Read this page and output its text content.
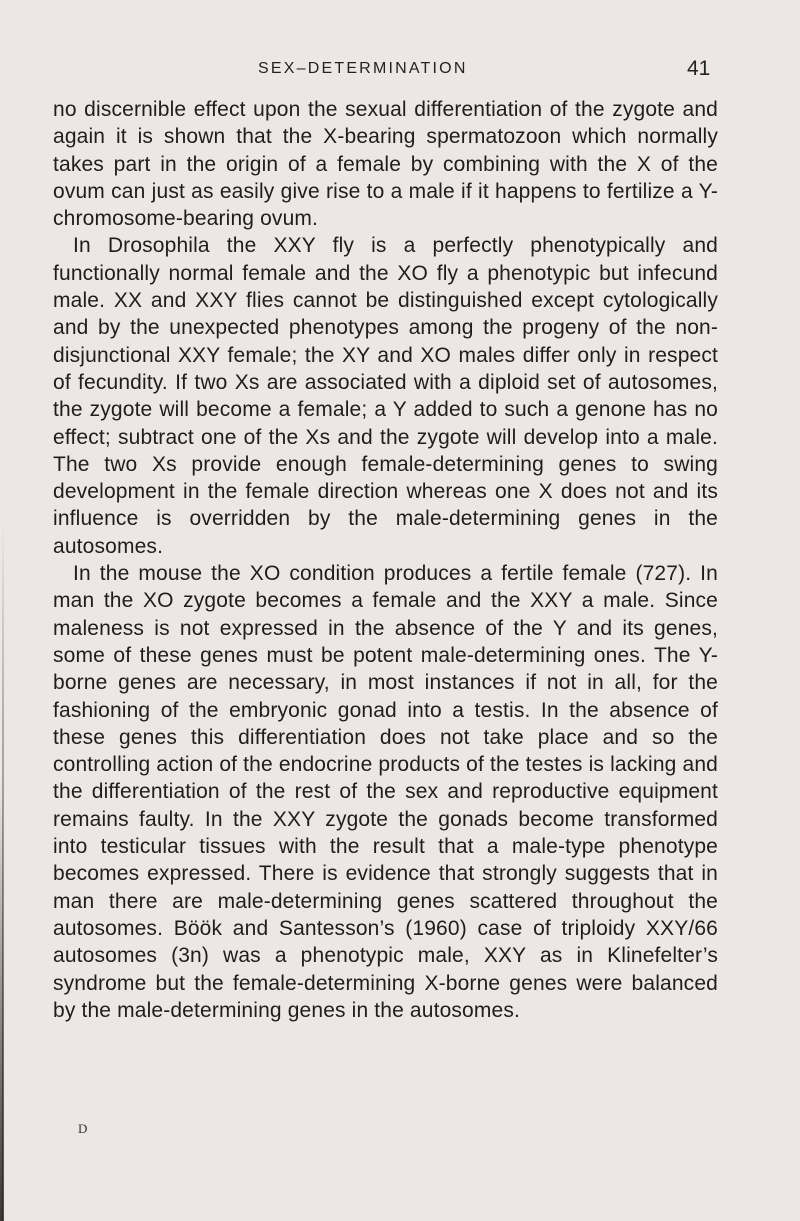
SEX–DETERMINATION	41

no discernible effect upon the sexual differentiation of the zygote and again it is shown that the X-bearing spermatozoon which normally takes part in the origin of a female by combining with the X of the ovum can just as easily give rise to a male if it happens to fertilize a Y-chromosome-bearing ovum.

In Drosophila the XXY fly is a perfectly phenotypically and functionally normal female and the XO fly a phenotypic but infecund male. XX and XXY flies cannot be distinguished except cytologically and by the unexpected phenotypes among the progeny of the non-disjunctional XXY female; the XY and XO males differ only in respect of fecundity. If two Xs are associated with a diploid set of autosomes, the zygote will become a female; a Y added to such a genone has no effect; subtract one of the Xs and the zygote will develop into a male. The two Xs provide enough female-determining genes to swing development in the female direction whereas one X does not and its influence is overridden by the male-determining genes in the autosomes.

In the mouse the XO condition produces a fertile female (727). In man the XO zygote becomes a female and the XXY a male. Since maleness is not expressed in the absence of the Y and its genes, some of these genes must be potent male-determining ones. The Y-borne genes are necessary, in most instances if not in all, for the fashioning of the embryonic gonad into a testis. In the absence of these genes this differentiation does not take place and so the controlling action of the endocrine products of the testes is lacking and the differentiation of the rest of the sex and reproductive equipment remains faulty. In the XXY zygote the gonads become transformed into testicular tissues with the result that a male-type phenotype becomes expressed. There is evidence that strongly suggests that in man there are male-determining genes scattered throughout the autosomes. Böök and Santesson’s (1960) case of triploidy XXY/66 autosomes (3n) was a phenotypic male, XXY as in Klinefelter’s syndrome but the female-determining X-borne genes were balanced by the male-determining genes in the autosomes.

D
